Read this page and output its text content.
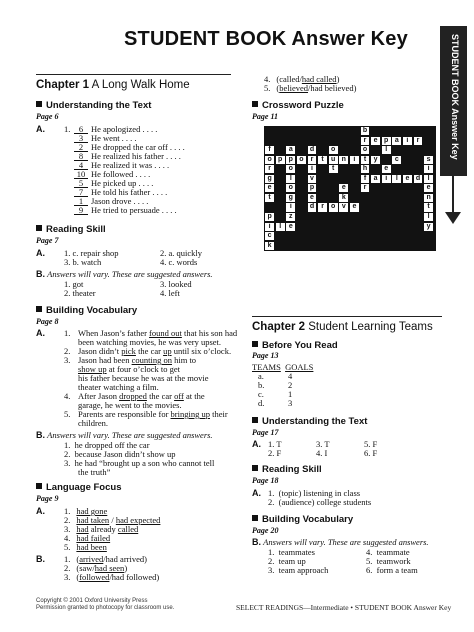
STUDENT BOOK Answer Key	STUDENT BOOK Answer Key
Chapter 1 A Long Walk Home
Understanding the Text
Page 6
A. 1.	6 He apologized . . . .
3 He went . . . .
2 He dropped the car off . . . .
8 He realized his father . . . .
4 He realized it was . . . .
10 He followed . . . .
5 He picked up . . . .
7 He told his father . . . .
1 Jason drove . . . .
9 He tried to persuade . . . .
Reading Skill
Page 7
A. 1. c. repair shop	2. a. quickly
3. b. watch	4. c. words
B. Answers will vary. These are suggested answers.
1. got	3. looked
2. theater	4. left
Building Vocabulary
Page 8
A. 1. When Jason’s father found out that his son had
been watching movies, he was very upset.
2. Jason didn’t pick the car up until six o’clock.
3. Jason had been counting on him to
show up at four o’clock to get
his father because he was at the movie
theater watching a film.
4. After Jason dropped the car off at the
garage, he went to the movies.
5. Parents are responsible for bringing up their
children.
B. Answers will vary. These are suggested answers.
1. he dropped off the car
2. because Jason didn’t show up
3. he had “brought up a son who cannot tell
the truth”
Language Focus
Page 9
A. 1. had gone
2. had taken / had expected
3. had already called
4. had failed
5. had been
B. 1. (arrived/had arrived)
2. (saw/had seen)
3. (followed/had followed)
4. (called/had called)
5. (believed/had believed)
Crossword Puzzle
Page 11
b
r	e p a	i	r
f	a	d	o	o	l
o p p o	r	t	u n	i	t	y	c	s
r	o	i	t	h	e	i
g	l	v	f	a	i	l	e d	l
e	o	p	e	r	e
t	g	e	k	n
i	d	r	o v e	t
p	z	l
i	l	e	y
c
k
Chapter 2 Student Learning Teams
Before You Read
Page 13
TEAMS GOALS
a.	4
b.	2
c.	1
d.	3
Understanding the Text
Page 17
A. 1. T	3. T	5. F
2. F	4. I	6. F
Reading Skill
Page 18
A. 1. (topic) listening in class
2. (audience) college students
Building Vocabulary
Page 20
B. Answers will vary. These are suggested answers.
1. teammates	4. teammate
2. team up	5. teamwork
3. team approach	6. form a team
Copyright © 2001 Oxford University Press
Permission granted to photocopy for classroom use.	SELECT READINGS—Intermediate • STUDENT BOOK Answer Key
